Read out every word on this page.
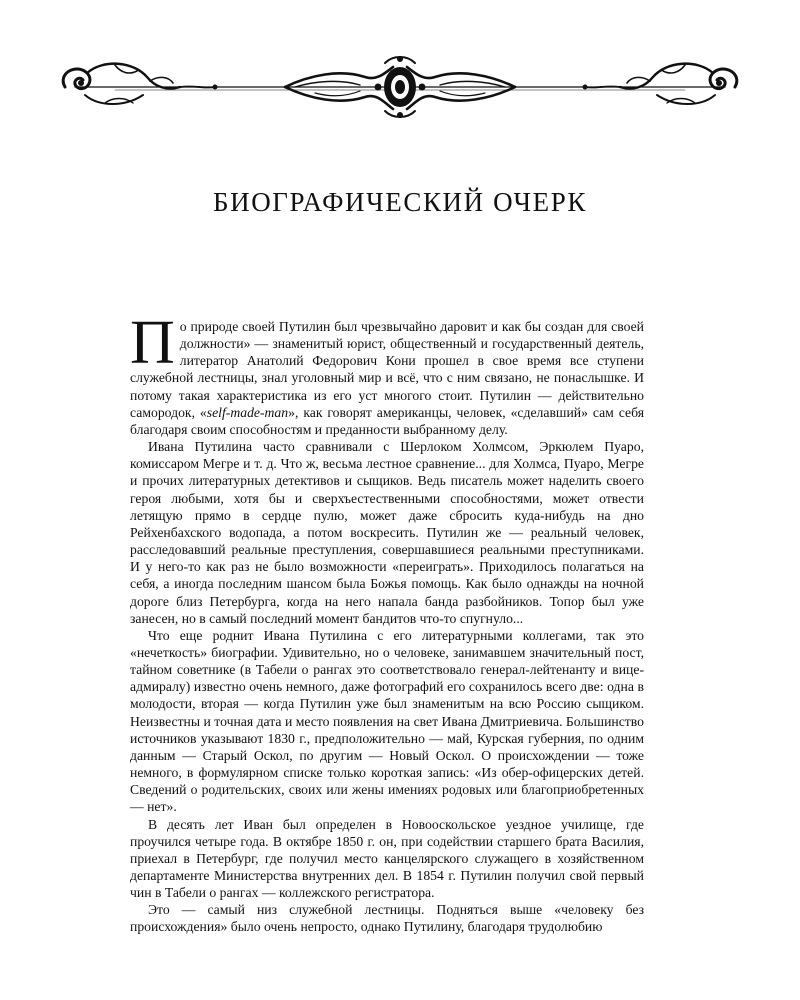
БИОГРАФИЧЕСКИЙ ОЧЕРК

По природе своей Путилин был чрезвычайно даровит и как бы создан для своей должности» — знаменитый юрист, общественный и государственный деятель, литератор Анатолий Федорович Кони прошел в свое время все ступени служебной лестницы, знал уголовный мир и всё, что с ним связано, не понаслышке. И потому такая характеристика из его уст многого стоит. Путилин — действительно самородок, «self-made-man», как говорят американцы, человек, «сделавший» сам себя благодаря своим способностям и преданности выбранному делу.

Ивана Путилина часто сравнивали с Шерлоком Холмсом, Эркюлем Пуаро, комиссаром Мегре и т. д. Что ж, весьма лестное сравнение... для Холмса, Пуаро, Мегре и прочих литературных детективов и сыщиков. Ведь писатель может наделить своего героя любыми, хотя бы и сверхъестественными способностями, может отвести летящую прямо в сердце пулю, может даже сбросить куда-нибудь на дно Рейхенбахского водопада, а потом воскресить. Путилин же — реальный человек, расследовавший реальные преступления, совершавшиеся реальными преступниками. И у него-то как раз не было возможности «переиграть». Приходилось полагаться на себя, а иногда последним шансом была Божья помощь. Как было однажды на ночной дороге близ Петербурга, когда на него напала банда разбойников. Топор был уже занесен, но в самый последний момент бандитов что-то спугнуло...

Что еще роднит Ивана Путилина с его литературными коллегами, так это «нечеткость» биографии. Удивительно, но о человеке, занимавшем значительный пост, тайном советнике (в Табели о рангах это соответствовало генерал-лейтенанту и вице-адмиралу) известно очень немного, даже фотографий его сохранилось всего две: одна в молодости, вторая — когда Путилин уже был знаменитым на всю Россию сыщиком. Неизвестны и точная дата и место появления на свет Ивана Дмитриевича. Большинство источников указывают 1830 г., предположительно — май, Курская губерния, по одним данным — Старый Оскол, по другим — Новый Оскол. О происхождении — тоже немного, в формулярном списке только короткая запись: «Из обер-офицерских детей. Сведений о родительских, своих или жены имениях родовых или благоприобретенных — нет».

В десять лет Иван был определен в Новооскольское уездное училище, где проучился четыре года. В октябре 1850 г. он, при содействии старшего брата Василия, приехал в Петербург, где получил место канцелярского служащего в хозяйственном департаменте Министерства внутренних дел. В 1854 г. Путилин получил свой первый чин в Табели о рангах — коллежского регистратора.

Это — самый низ служебной лестницы. Подняться выше «человеку без происхождения» было очень непросто, однако Путилину, благодаря трудолюбию
